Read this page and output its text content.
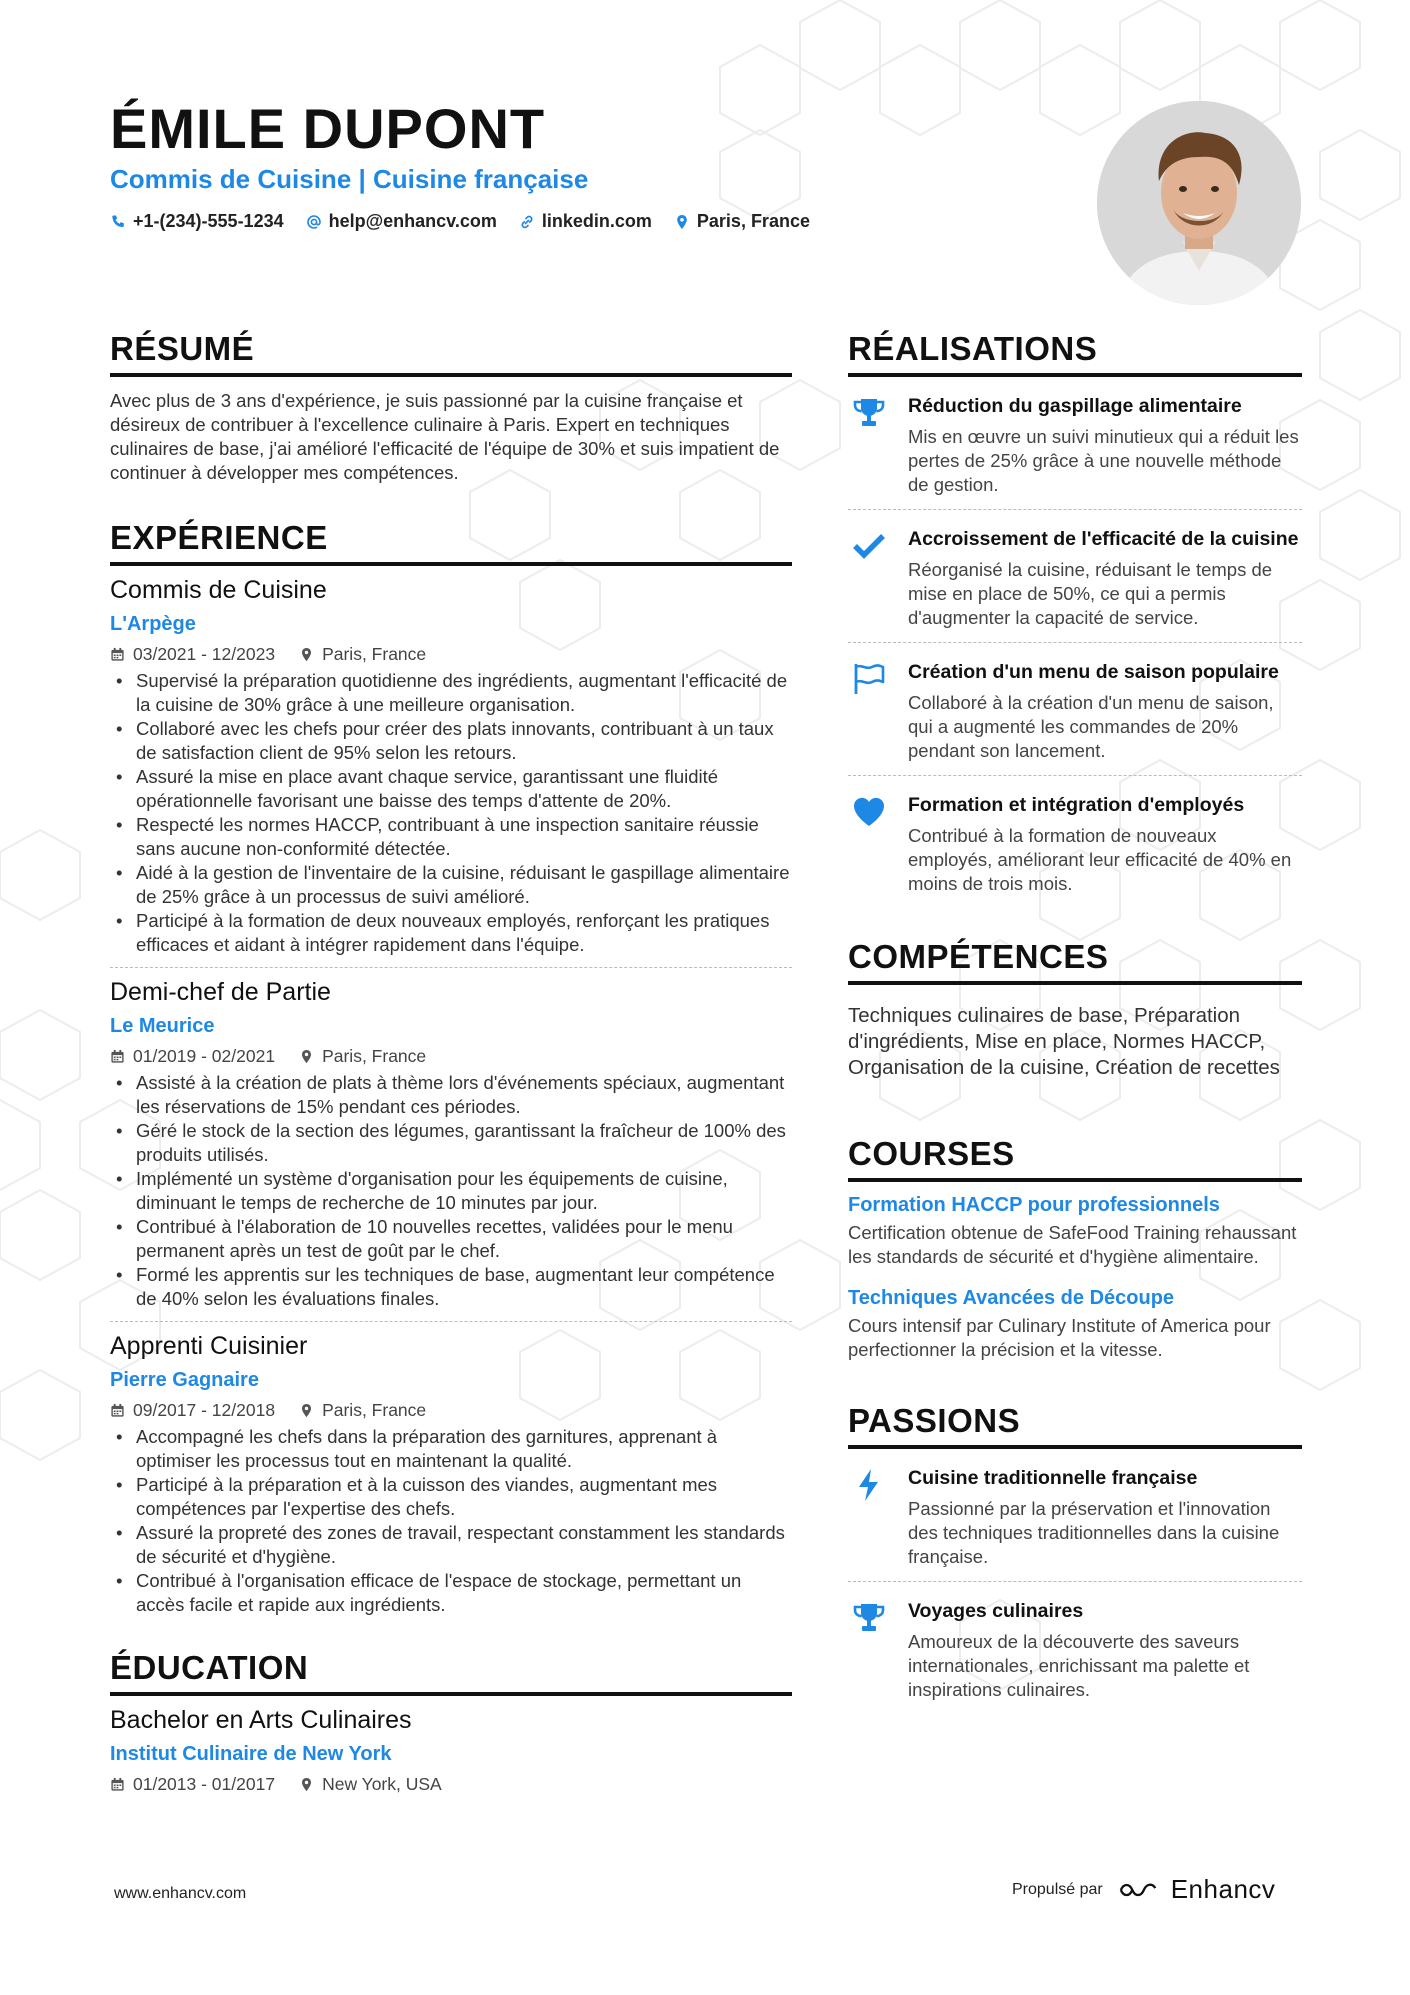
ÉMILE DUPONT
Commis de Cuisine | Cuisine française
+1-(234)-555-1234	help@enhancv.com	linkedin.com	Paris, France
RÉSUMÉ

Avec plus de 3 ans d'expérience, je suis passionné par la cuisine française et désireux de contribuer à l'excellence culinaire à Paris. Expert en techniques culinaires de base, j'ai amélioré l'efficacité de l'équipe de 30% et suis impatient de continuer à développer mes compétences.

EXPÉRIENCE
Commis de Cuisine
L'Arpège
03/2021 - 12/2023	Paris, France
• Supervisé la préparation quotidienne des ingrédients, augmentant l'efficacité de la cuisine de 30% grâce à une meilleure organisation.
• Collaboré avec les chefs pour créer des plats innovants, contribuant à un taux de satisfaction client de 95% selon les retours.
• Assuré la mise en place avant chaque service, garantissant une fluidité opérationnelle favorisant une baisse des temps d'attente de 20%.
• Respecté les normes HACCP, contribuant à une inspection sanitaire réussie sans aucune non-conformité détectée.
• Aidé à la gestion de l'inventaire de la cuisine, réduisant le gaspillage alimentaire de 25% grâce à un processus de suivi amélioré.
• Participé à la formation de deux nouveaux employés, renforçant les pratiques efficaces et aidant à intégrer rapidement dans l'équipe.
Demi-chef de Partie
Le Meurice
01/2019 - 02/2021	Paris, France
• Assisté à la création de plats à thème lors d'événements spéciaux, augmentant les réservations de 15% pendant ces périodes.
• Géré le stock de la section des légumes, garantissant la fraîcheur de 100% des produits utilisés.
• Implémenté un système d'organisation pour les équipements de cuisine, diminuant le temps de recherche de 10 minutes par jour.
• Contribué à l'élaboration de 10 nouvelles recettes, validées pour le menu permanent après un test de goût par le chef.
• Formé les apprentis sur les techniques de base, augmentant leur compétence de 40% selon les évaluations finales.
Apprenti Cuisinier
Pierre Gagnaire
09/2017 - 12/2018	Paris, France
• Accompagné les chefs dans la préparation des garnitures, apprenant à optimiser les processus tout en maintenant la qualité.
• Participé à la préparation et à la cuisson des viandes, augmentant mes compétences par l'expertise des chefs.
• Assuré la propreté des zones de travail, respectant constamment les standards de sécurité et d'hygiène.
• Contribué à l'organisation efficace de l'espace de stockage, permettant un accès facile et rapide aux ingrédients.
ÉDUCATION
Bachelor en Arts Culinaires
Institut Culinaire de New York
01/2013 - 01/2017	New York, USA
RÉALISATIONS
Réduction du gaspillage alimentaire
Mis en œuvre un suivi minutieux qui a réduit les pertes de 25% grâce à une nouvelle méthode de gestion.
Accroissement de l'efficacité de la cuisine
Réorganisé la cuisine, réduisant le temps de mise en place de 50%, ce qui a permis d'augmenter la capacité de service.
Création d'un menu de saison populaire
Collaboré à la création d'un menu de saison, qui a augmenté les commandes de 20% pendant son lancement.
Formation et intégration d'employés
Contribué à la formation de nouveaux employés, améliorant leur efficacité de 40% en moins de trois mois.
COMPÉTENCES
Techniques culinaires de base, Préparation d'ingrédients, Mise en place, Normes HACCP, Organisation de la cuisine, Création de recettes
COURSES
Formation HACCP pour professionnels
Certification obtenue de SafeFood Training rehaussant les standards de sécurité et d'hygiène alimentaire.
Techniques Avancées de Découpe
Cours intensif par Culinary Institute of America pour perfectionner la précision et la vitesse.
PASSIONS
Cuisine traditionnelle française
Passionné par la préservation et l'innovation des techniques traditionnelles dans la cuisine française.
Voyages culinaires
Amoureux de la découverte des saveurs internationales, enrichissant ma palette et inspirations culinaires.
www.enhancv.com	Propulsé par	Enhancv
